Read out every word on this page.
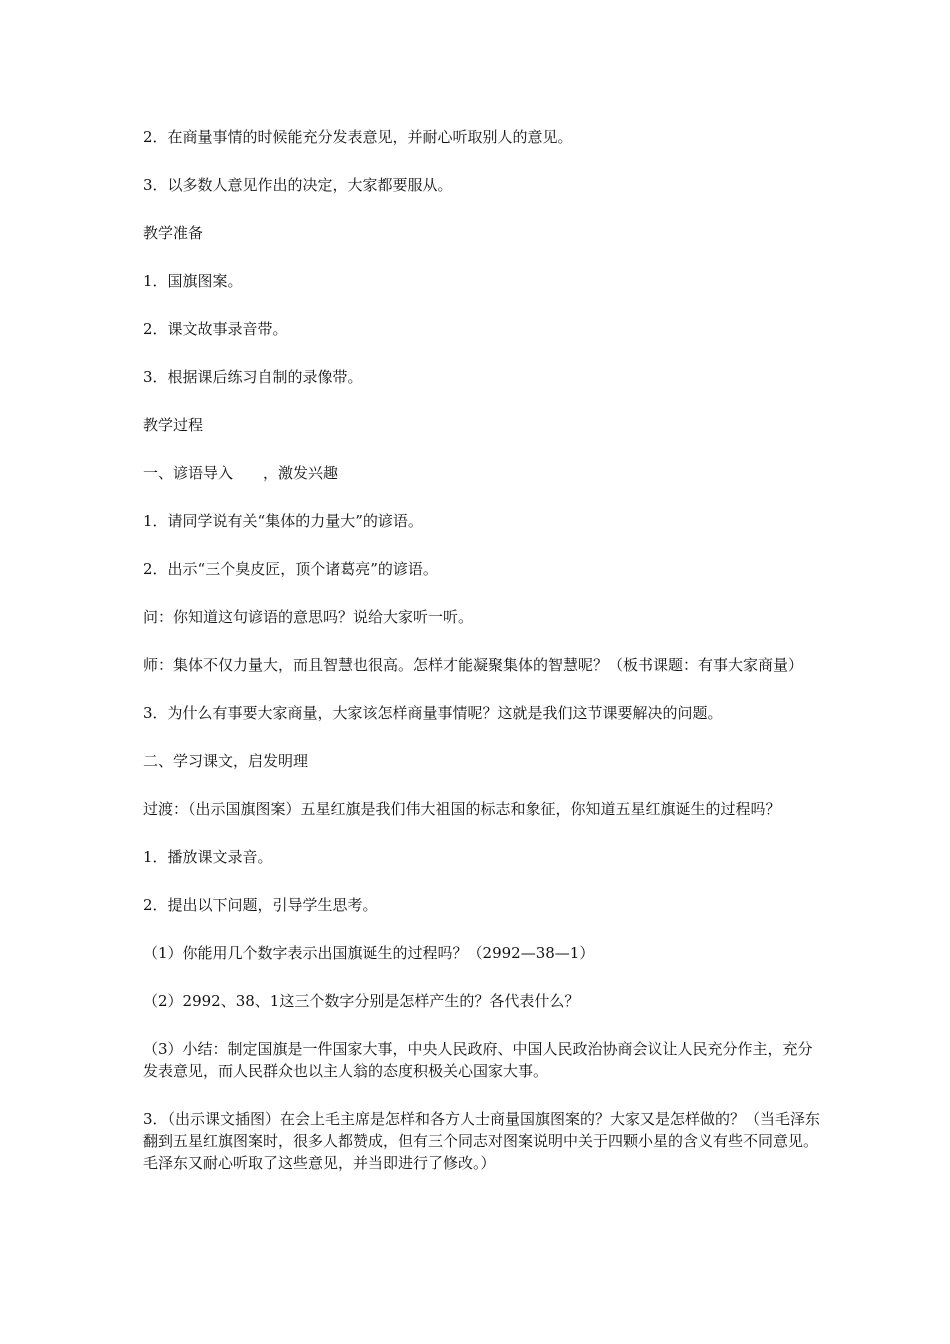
2．在商量事情的时候能充分发表意见，并耐心听取别人的意见。

3．以多数人意见作出的决定，大家都要服从。

教学准备

1．国旗图案。

2．课文故事录音带。

3．根据课后练习自制的录像带。

教学过程

一、谚语导入　　，激发兴趣

1．请同学说有关“集体的力量大”的谚语。

2．出示“三个臭皮匠，顶个诸葛亮”的谚语。

问：你知道这句谚语的意思吗？说给大家听一听。

师：集体不仅力量大，而且智慧也很高。怎样才能凝聚集体的智慧呢？（板书课题：有事大家商量）

3．为什么有事要大家商量，大家该怎样商量事情呢？这就是我们这节课要解决的问题。

二、学习课文，启发明理

过渡：（出示国旗图案）五星红旗是我们伟大祖国的标志和象征，你知道五星红旗诞生的过程吗？

1．播放课文录音。

2．提出以下问题，引导学生思考。

（1）你能用几个数字表示出国旗诞生的过程吗？（2992—38—1）

（2）2992、38、1这三个数字分别是怎样产生的？各代表什么？

（3）小结：制定国旗是一件国家大事，中央人民政府、中国人民政治协商会议让人民充分作主，充分发表意见，而人民群众也以主人翁的态度积极关心国家大事。

3．（出示课文插图）在会上毛主席是怎样和各方人士商量国旗图案的？大家又是怎样做的？（当毛泽东翻到五星红旗图案时，很多人都赞成，但有三个同志对图案说明中关于四颗小星的含义有些不同意见。毛泽东又耐心听取了这些意见，并当即进行了修改。）
